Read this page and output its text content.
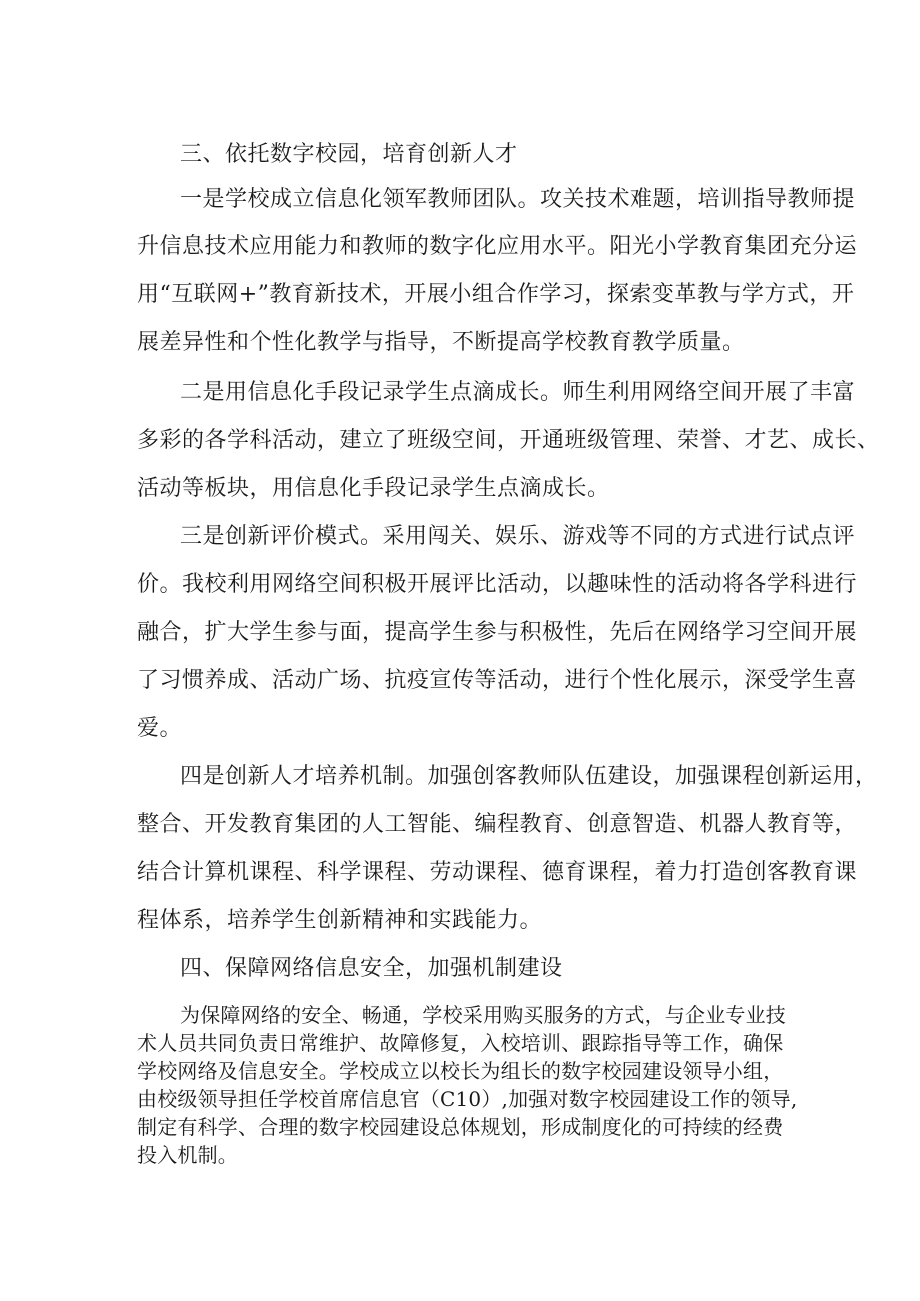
三、依托数字校园，培育创新人才

一是学校成立信息化领军教师团队。攻关技术难题，培训指导教师提

升信息技术应用能力和教师的数字化应用水平。阳光小学教育集团充分运

用“互联网+”教育新技术，开展小组合作学习，探索变革教与学方式，开

展差异性和个性化教学与指导，不断提高学校教育教学质量。

二是用信息化手段记录学生点滴成长。师生利用网络空间开展了丰富

多彩的各学科活动，建立了班级空间，开通班级管理、荣誉、才艺、成长、

活动等板块，用信息化手段记录学生点滴成长。

三是创新评价模式。采用闯关、娱乐、游戏等不同的方式进行试点评

价。我校利用网络空间积极开展评比活动，以趣味性的活动将各学科进行

融合，扩大学生参与面，提高学生参与积极性，先后在网络学习空间开展

了习惯养成、活动广场、抗疫宣传等活动，进行个性化展示，深受学生喜

爱。

四是创新人才培养机制。加强创客教师队伍建设，加强课程创新运用，

整合、开发教育集团的人工智能、编程教育、创意智造、机器人教育等，

结合计算机课程、科学课程、劳动课程、德育课程，着力打造创客教育课

程体系，培养学生创新精神和实践能力。

四、保障网络信息安全，加强机制建设

为保障网络的安全、畅通，学校采用购买服务的方式，与企业专业技

术人员共同负责日常维护、故障修复，入校培训、跟踪指导等工作，确保

学校网络及信息安全。学校成立以校长为组长的数字校园建设领导小组，

由校级领导担任学校首席信息官（C10）,加强对数字校园建设工作的领导,

制定有科学、合理的数字校园建设总体规划，形成制度化的可持续的经费

投入机制。
